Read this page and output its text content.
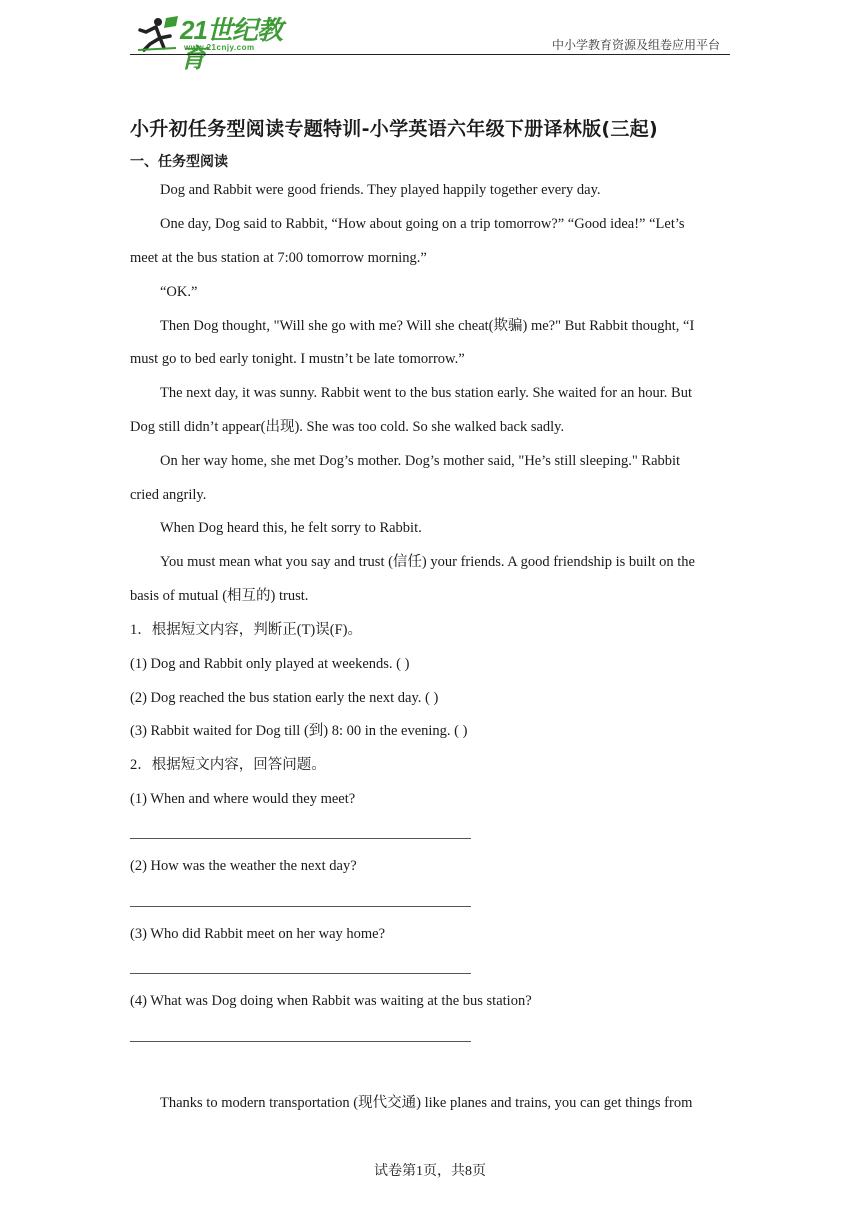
21世纪教育
www.21cnjy.com	中小学教育资源及组卷应用平台
小升初任务型阅读专题特训-小学英语六年级下册译林版(三起)
一、任务型阅读
Dog and Rabbit were good friends. They played happily together every day.
One day, Dog said to Rabbit, “How about going on a trip tomorrow?” “Good idea!” “Let’s
meet at the bus station at 7:00 tomorrow morning.”
“OK.”
Then Dog thought, "Will she go with me? Will she cheat(欺骗) me?" But Rabbit thought, “I
must go to bed early tonight. I mustn’t be late tomorrow.”
The next day, it was sunny. Rabbit went to the bus station early. She waited for an hour. But
Dog still didn’t appear(出现). She was too cold. So she walked back sadly.
On her way home, she met Dog’s mother. Dog’s mother said, "He’s still sleeping." Rabbit
cried angrily.
When Dog heard this, he felt sorry to Rabbit.
You must mean what you say and trust (信任) your friends. A good friendship is built on the
basis of mutual (相互的) trust.
1．根据短文内容，判断正(T)误(F)。
(1) Dog and Rabbit only played at weekends. ( )
(2) Dog reached the bus station early the next day. ( )
(3) Rabbit waited for Dog till (到) 8: 00 in the evening. ( )
2．根据短文内容，回答问题。
(1) When and where would they meet?
(2) How was the weather the next day?
(3) Who did Rabbit meet on her way home?
(4) What was Dog doing when Rabbit was waiting at the bus station?
Thanks to modern transportation (现代交通) like planes and trains, you can get things from
试卷第1页，共8页
